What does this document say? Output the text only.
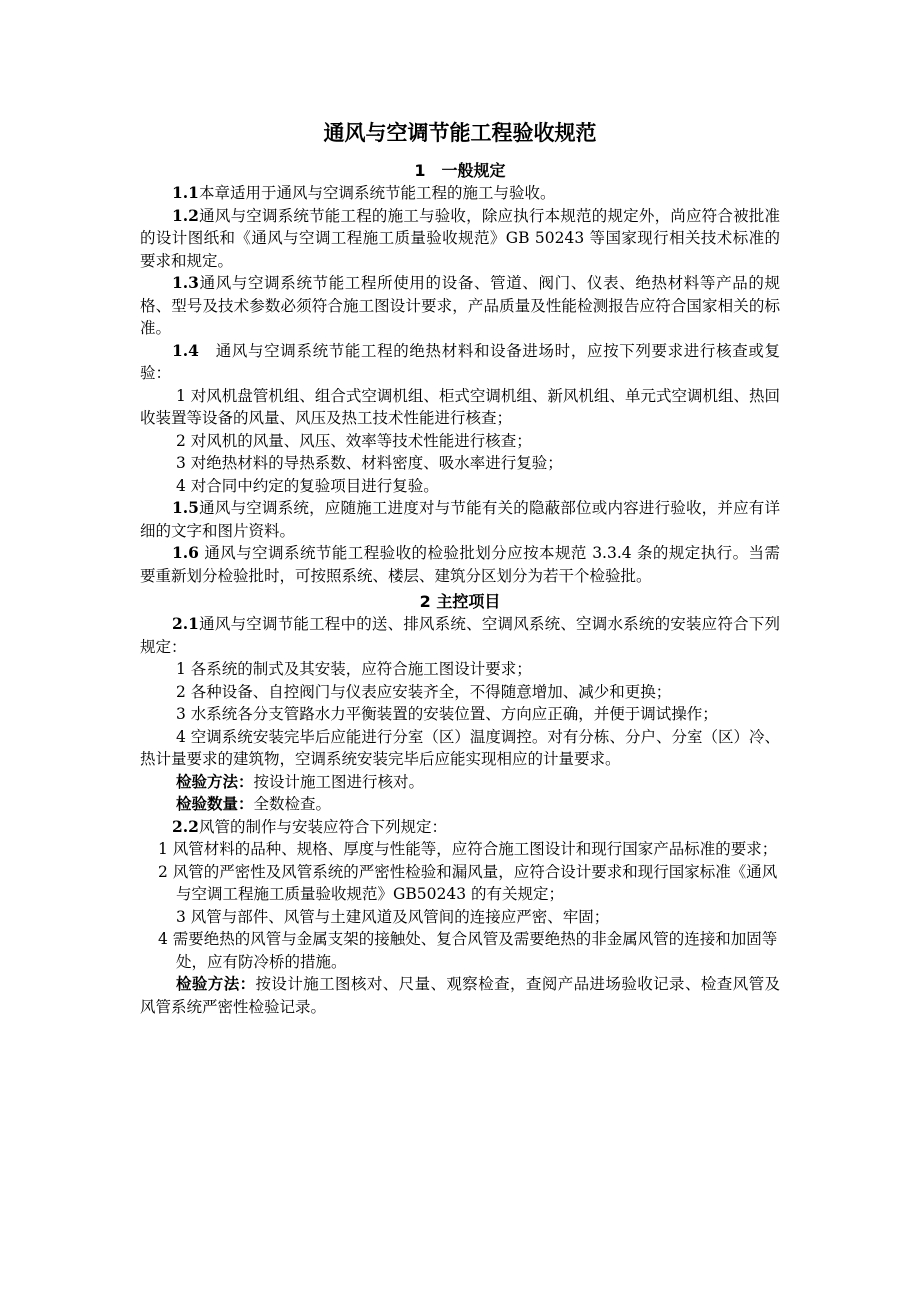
通风与空调节能工程验收规范
1　一般规定

1.1本章适用于通风与空调系统节能工程的施工与验收。

1.2通风与空调系统节能工程的施工与验收，除应执行本规范的规定外，尚应符合被批准的设计图纸和《通风与空调工程施工质量验收规范》GB 50243 等国家现行相关技术标准的要求和规定。

1.3通风与空调系统节能工程所使用的设备、管道、阀门、仪表、绝热材料等产品的规格、型号及技术参数必须符合施工图设计要求，产品质量及性能检测报告应符合国家相关的标准。

1.4　通风与空调系统节能工程的绝热材料和设备进场时，应按下列要求进行核查或复验：

1 对风机盘管机组、组合式空调机组、柜式空调机组、新风机组、单元式空调机组、热回收装置等设备的风量、风压及热工技术性能进行核查；

2 对风机的风量、风压、效率等技术性能进行核查；

3 对绝热材料的导热系数、材料密度、吸水率进行复验；

4 对合同中约定的复验项目进行复验。

1.5通风与空调系统，应随施工进度对与节能有关的隐蔽部位或内容进行验收，并应有详细的文字和图片资料。

1.6 通风与空调系统节能工程验收的检验批划分应按本规范 3.3.4 条的规定执行。当需要重新划分检验批时，可按照系统、楼层、建筑分区划分为若干个检验批。

2 主控项目

2.1通风与空调节能工程中的送、排风系统、空调风系统、空调水系统的安装应符合下列规定：

1 各系统的制式及其安装，应符合施工图设计要求；

2 各种设备、自控阀门与仪表应安装齐全，不得随意增加、减少和更换；

3 水系统各分支管路水力平衡装置的安装位置、方向应正确，并便于调试操作；

4 空调系统安装完毕后应能进行分室（区）温度调控。对有分栋、分户、分室（区）冷、热计量要求的建筑物，空调系统安装完毕后应能实现相应的计量要求。

检验方法：按设计施工图进行核对。

检验数量：全数检查。

2.2风管的制作与安装应符合下列规定：

1 风管材料的品种、规格、厚度与性能等，应符合施工图设计和现行国家产品标准的要求；

2 风管的严密性及风管系统的严密性检验和漏风量，应符合设计要求和现行国家标准《通风与空调工程施工质量验收规范》GB50243 的有关规定；

3 风管与部件、风管与土建风道及风管间的连接应严密、牢固；

4 需要绝热的风管与金属支架的接触处、复合风管及需要绝热的非金属风管的连接和加固等处，应有防冷桥的措施。

检验方法：按设计施工图核对、尺量、观察检查，查阅产品进场验收记录、检查风管及风管系统严密性检验记录。
